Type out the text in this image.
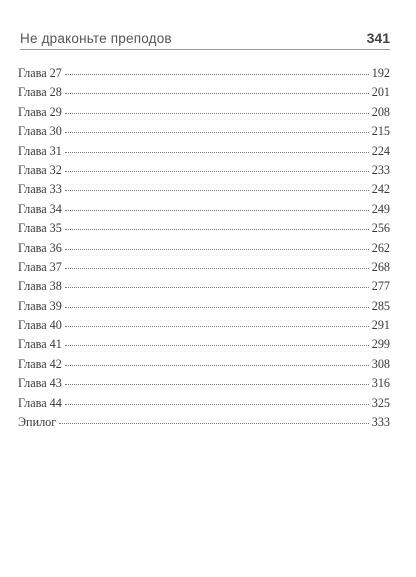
Не драконьте преподов	341
Глава 27	192
Глава 28	201
Глава 29	208
Глава 30	215
Глава 31	224
Глава 32	233
Глава 33	242
Глава 34	249
Глава 35	256
Глава 36	262
Глава 37	268
Глава 38	277
Глава 39	285
Глава 40	291
Глава 41	299
Глава 42	308
Глава 43	316
Глава 44	325
Эпилог	333
